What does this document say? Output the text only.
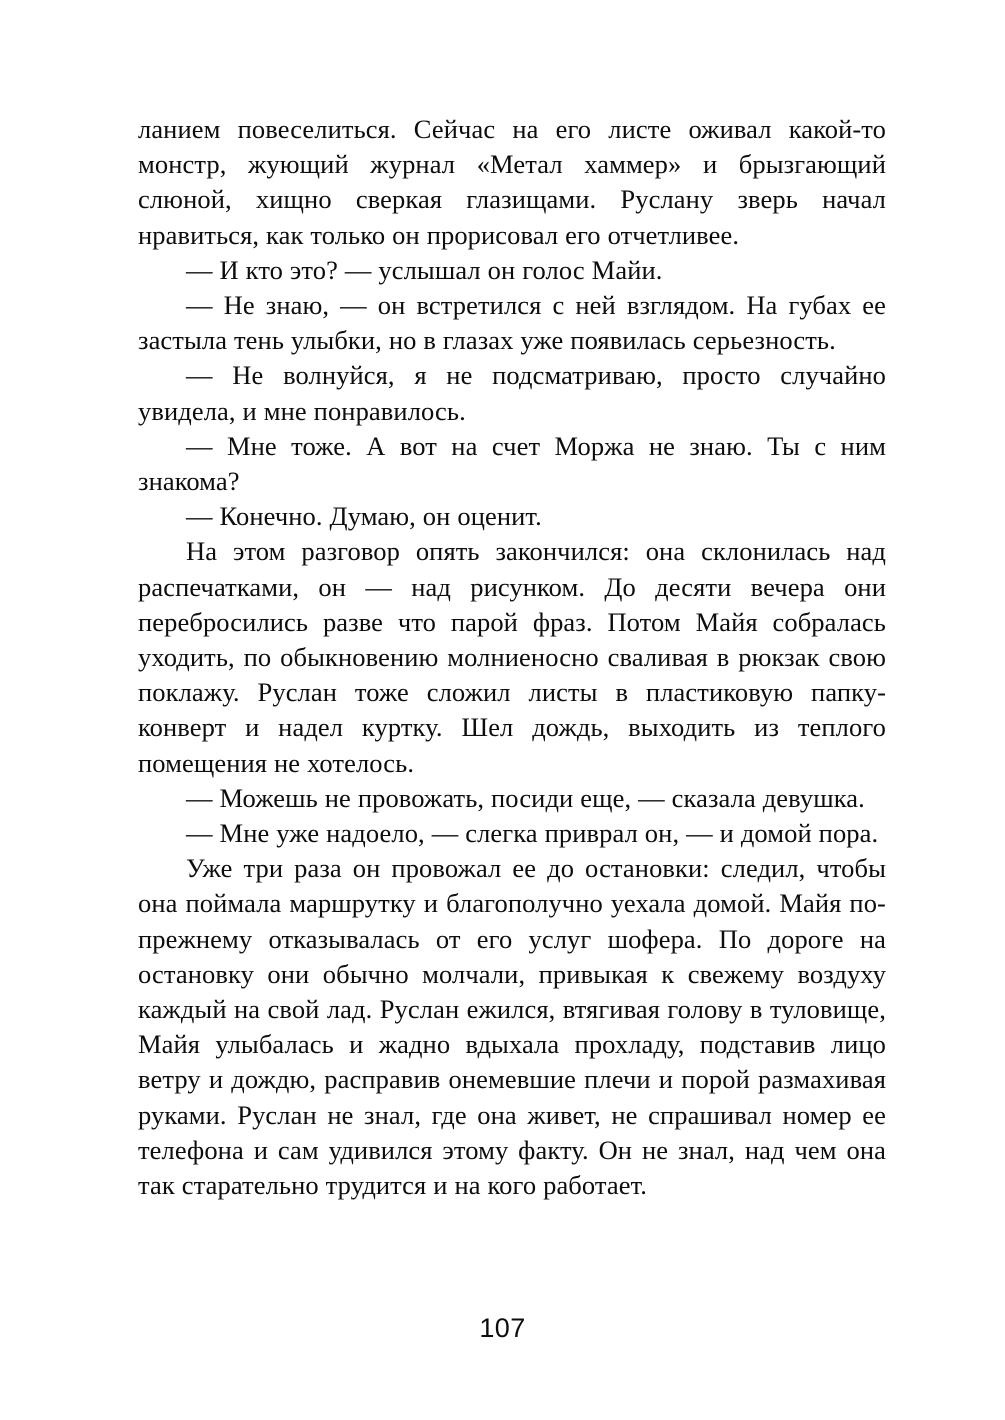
ланием повеселиться. Сейчас на его листе оживал какой-то монстр, жующий журнал «Метал хаммер» и брызгающий слюной, хищно сверкая глазищами. Руслану зверь начал нравиться, как только он прорисовал его отчетливее.

— И кто это? — услышал он голос Майи.

— Не знаю, — он встретился с ней взглядом. На губах ее застыла тень улыбки, но в глазах уже появилась серьезность.

— Не волнуйся, я не подсматриваю, просто случайно увидела, и мне понравилось.

— Мне тоже. А вот на счет Моржа не знаю. Ты с ним знакома?

— Конечно. Думаю, он оценит.

На этом разговор опять закончился: она склонилась над распечатками, он — над рисунком. До десяти вечера они перебросились разве что парой фраз. Потом Майя собралась уходить, по обыкновению молниеносно сваливая в рюкзак свою поклажу. Руслан тоже сложил листы в пластиковую папку-конверт и надел куртку. Шел дождь, выходить из теплого помещения не хотелось.

— Можешь не провожать, посиди еще, — сказала девушка.

— Мне уже надоело, — слегка приврал он, — и домой пора.

Уже три раза он провожал ее до остановки: следил, чтобы она поймала маршрутку и благополучно уехала домой. Майя по-прежнему отказывалась от его услуг шофера. По дороге на остановку они обычно молчали, привыкая к свежему воздуху каждый на свой лад. Руслан ежился, втягивая голову в туловище, Майя улыбалась и жадно вдыхала прохладу, подставив лицо ветру и дождю, расправив онемевшие плечи и порой размахивая руками. Руслан не знал, где она живет, не спрашивал номер ее телефона и сам удивился этому факту. Он не знал, над чем она так старательно трудится и на кого работает.

107
